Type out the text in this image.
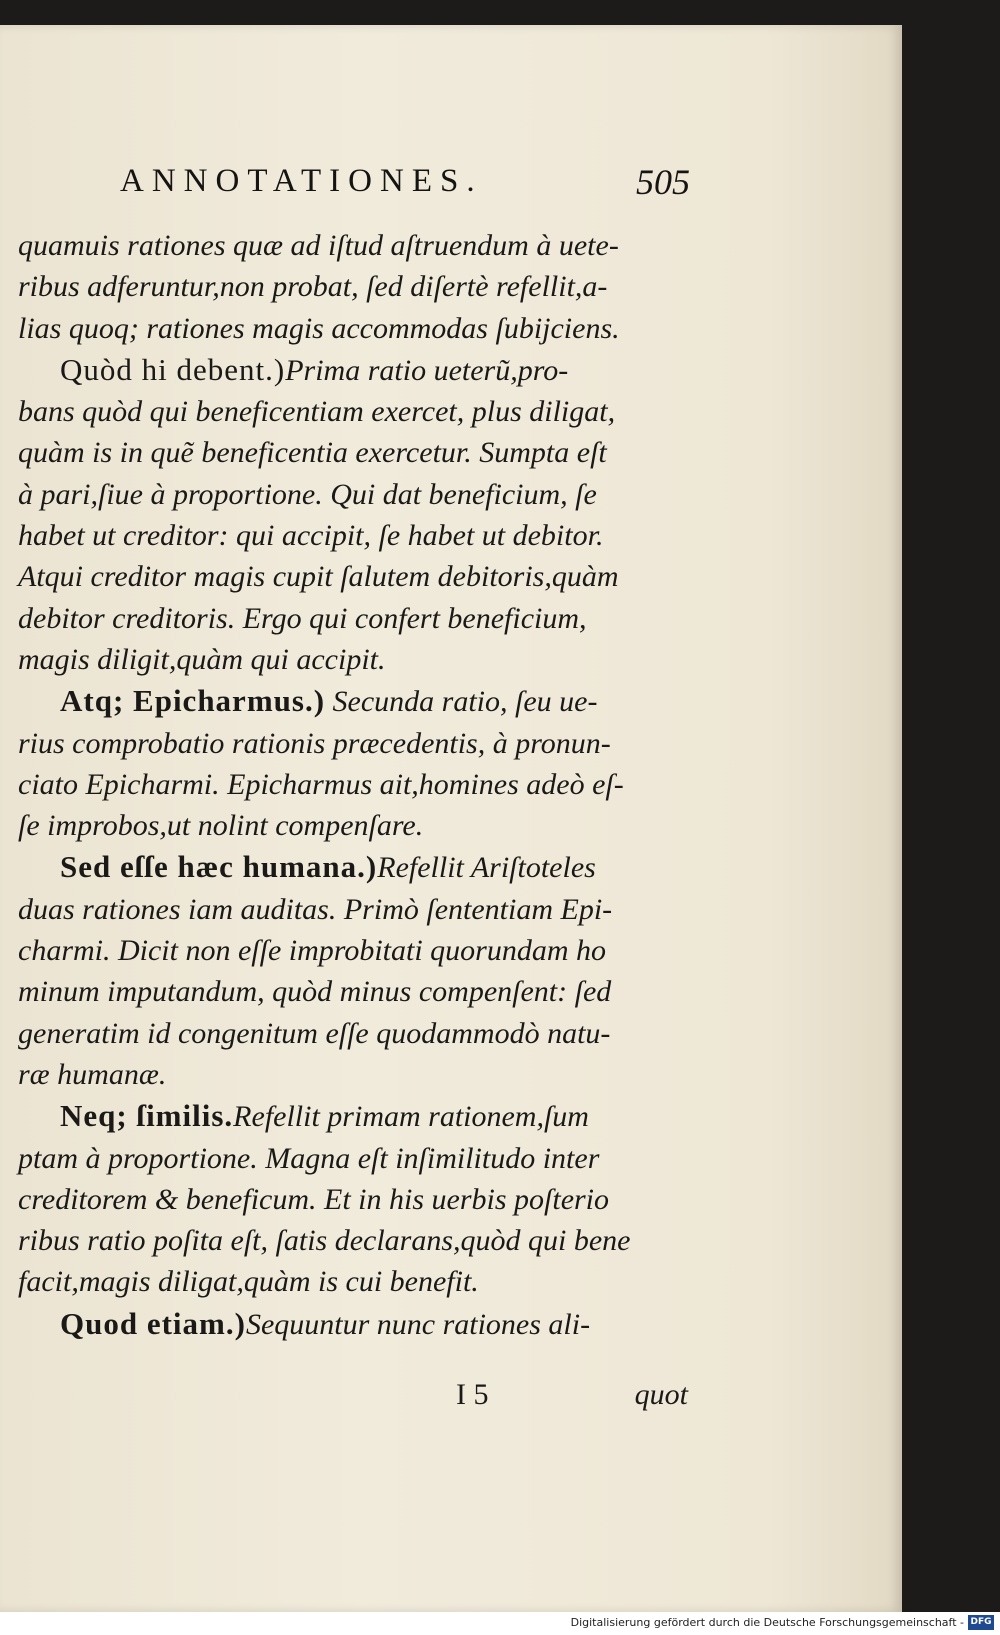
ANNOTATIONES.	505
quamuis rationes quæ ad iſtud aſtruendum à uete-
ribus adferuntur,non probat, ſed diſertè refellit,a-
lias quoq; rationes magis accommodas ſubijciens.
Quòd hi debent.)Prima ratio ueterũ,pro-
bans quòd qui beneficentiam exercet, plus diligat,
quàm is in quẽ beneficentia exercetur. Sumpta eſt
à pari,ſiue à proportione. Qui dat beneficium, ſe
habet ut creditor: qui accipit, ſe habet ut debitor.
Atqui creditor magis cupit ſalutem debitoris,quàm
debitor creditoris. Ergo qui confert beneficium,
magis diligit,quàm qui accipit.
Atq; Epicharmus.) Secunda ratio, ſeu ue-
rius comprobatio rationis præcedentis, à pronun-
ciato Epicharmi. Epicharmus ait,homines adeò eſ-
ſe improbos,ut nolint compenſare.
Sed eſſe hæc humana.)Refellit Ariſtoteles
duas rationes iam auditas. Primò ſententiam Epi-
charmi. Dicit non eſſe improbitati quorundam ho
minum imputandum, quòd minus compenſent: ſed
generatim id congenitum eſſe quodammodò natu-
ræ humanæ.
Neq; ſimilis.Refellit primam rationem,ſum
ptam à proportione. Magna eſt inſimilitudo inter
creditorem & beneficum. Et in his uerbis poſterio
ribus ratio poſita eſt, ſatis declarans,quòd qui bene
facit,magis diligat,quàm is cui benefit.
Quod etiam.)Sequuntur nunc rationes ali-
I 5	quot
Digitalisierung gefördert durch die Deutsche Forschungsgemeinschaft - DFG
